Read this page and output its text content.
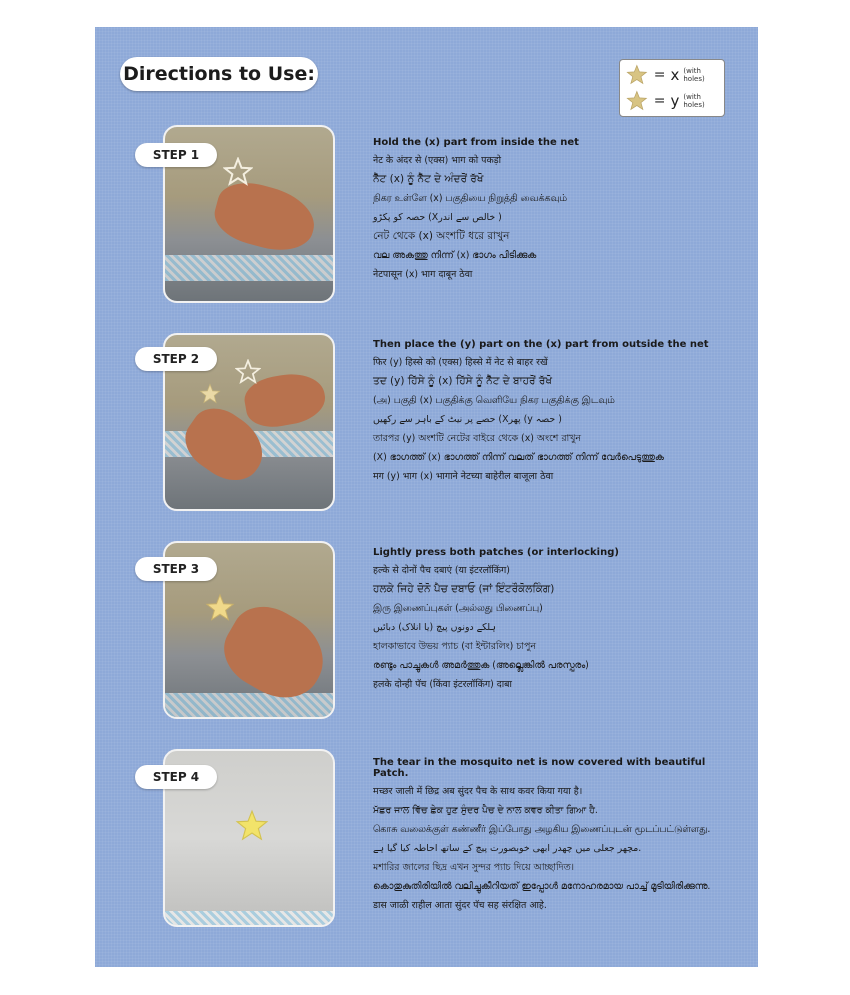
Directions to Use:	= x (with holes)
= y (with holes)
STEP 1
Hold the (x) part from inside the net
नेट के अंदर से (एक्स) भाग को पकड़ो
ਨੈੱਟ (x) ਨੂੰ ਨੈੱਟ ਦੇ ਅੰਦਰੋਂ ਰੱਖੋ
நிகர உள்ளே (x) பகுதியை நிறுத்தி வைக்கவும்
حصہ کو پکڑو (Xخالص سے اندر )
নেট থেকে (x) অংশটি ধরে রাখুন
വല അകത്തു നിന്ന് (x) ഭാഗം പിടിക്കുക
नेटपासून (x) भाग दाबून ठेवा
STEP 2
Then place the (y) part on the (x) part from outside the net
फिर (y) हिस्से को (एक्स) हिस्से में नेट से बाहर रखें
ਤਦ (y) ਹਿੱਸੇ ਨੂੰ (x) ਹਿੱਸੇ ਨੂੰ ਨੈੱਟ ਦੇ ਬਾਹਰੋਂ ਰੱਖੋ
(அ) பகுதி (x) பகுதிக்கு வெளியே நிகர பகுதிக்கு இடவும்
حصے پر نیٹ کے باہر سے رکھیں (Xپھر (y حصہ )
তারপর (y) অংশটি নেটের বাইরে থেকে (x) অংশে রাখুন
(X) ഭാഗത്ത് (x) ഭാഗത്ത് നിന്ന് വലത് ഭാഗത്ത് നിന്ന് വേർപെടുത്തുക
मग (y) भाग (x) भागाने नेटच्या बाहेरील बाजूला ठेवा
STEP 3
Lightly press both patches (or interlocking)
हल्के से दोनों पैच दबाएं (या इंटरलॉकिंग)
ਹਲਕੇ ਜਿਹੇ ਦੋਨੋ ਪੈਚ ਦਬਾਓ (ਜਾਂ ਇੰਟਰੌਕੋਲਕਿੰਗ)
இரு இணைப்புகள் (அல்லது பிணைப்பு)
ہلکے دونوں پیچ (یا انلاک) دبائیں
হালকাভাবে উভয় প্যাচ (বা ইন্টারলিং) চাপুন
രണ്ടും പാച്ചുകൾ അമർത്തുക (അല്ലെങ്കിൽ പരസ്പരം)
हलके दोन्ही पॅच (किंवा इंटरलॉकिंग) दाबा
STEP 4
The tear in the mosquito net is now covered with beautiful Patch.
मच्छर जाली में छिद्र अब सुंदर पैच के साथ कवर किया गया है।
ਮੱਛਰ ਜਾਲ ਵਿੱਚ ਛੇਕ ਹੁਣ ਸੁੰਦਰ ਪੈਚ ਦੇ ਨਾਲ ਕਵਰ ਕੀਤਾ ਗਿਆ ਹੈ.
கொசு வலைக்குள் கண்ணீர் இப்போது அழகிய இணைப்புடன் மூடப்பட்டுள்ளது.
مچھر جعلی میں چھدر ابھی خوبصورت پیچ کے ساتھ احاطہ کیا گیا ہے.
মশারির জালের ছিদ্র এখন সুন্দর প্যাচ দিয়ে আচ্ছাদিত।
കൊതുകുതിരിയിൽ വലിച്ചുകീറിയത് ഇപ്പോൾ മനോഹരമായ പാച്ച് മൂടിയിരിക്കുന്നു.
डास जाळी राहील आता सुंदर पॅच सह संरक्षित आहे.
